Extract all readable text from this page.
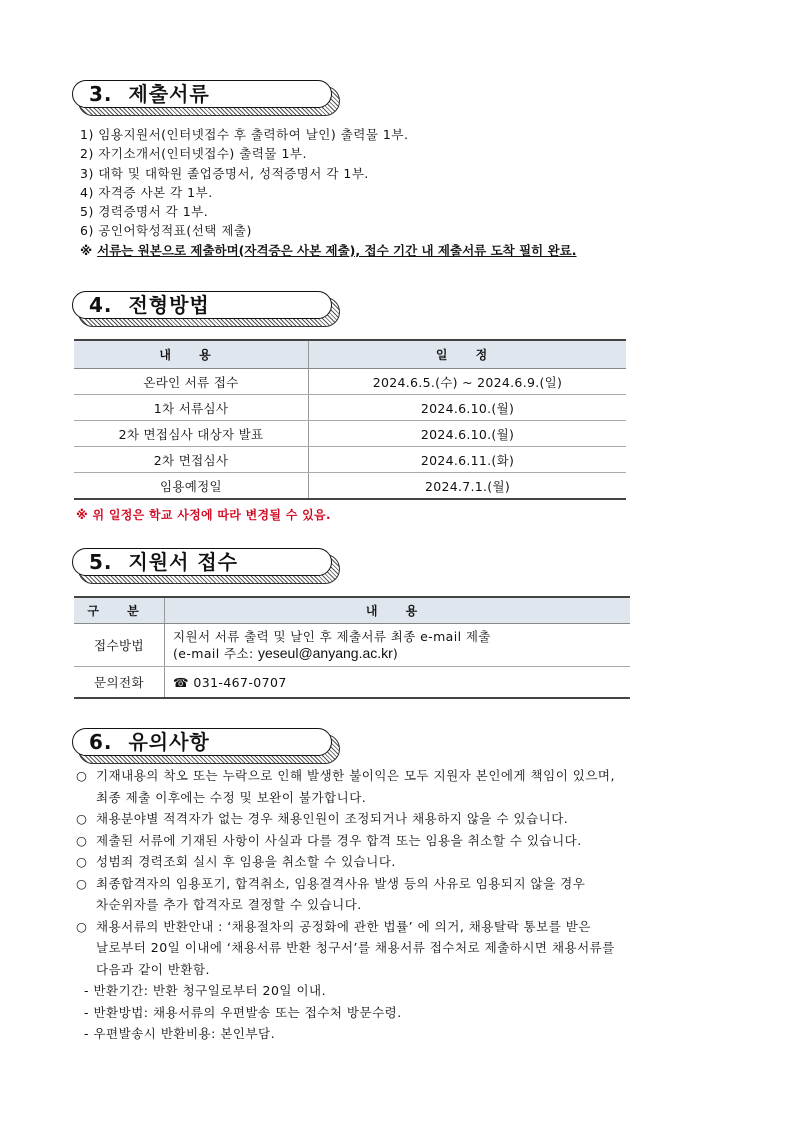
3.  제출서류
1) 임용지원서(인터넷접수 후 출력하여 날인) 출력물 1부.
2) 자기소개서(인터넷접수) 출력물 1부.
3) 대학 및 대학원 졸업증명서, 성적증명서 각 1부.
4) 자격증 사본 각 1부.
5) 경력증명서 각 1부.
6) 공인어학성적표(선택 제출)
※ 서류는 원본으로 제출하며(자격증은 사본 제출), 접수 기간 내 제출서류 도착 필히 완료.
4.  전형방법
내 용	일 정
온라인 서류 접수	2024.6.5.(수) ~ 2024.6.9.(일)
1차 서류심사	2024.6.10.(월)
2차 면접심사 대상자 발표	2024.6.10.(월)
2차 면접심사	2024.6.11.(화)
임용예정일	2024.7.1.(월)
※ 위 일정은 학교 사정에 따라 변경될 수 있음.
5.  지원서 접수
구 분	내 용
접수방법	지원서 서류 출력 및 날인 후 제출서류 최종 e-mail 제출
(e-mail 주소: yeseul@anyang.ac.kr)

문의전화	☎ 031-467-0707
6.  유의사항
○ 기재내용의 착오 또는 누락으로 인해 발생한 불이익은 모두 지원자 본인에게 책임이 있으며,
최종 제출 이후에는 수정 및 보완이 불가합니다.
○ 채용분야별 적격자가 없는 경우 채용인원이 조정되거나 채용하지 않을 수 있습니다.
○ 제출된 서류에 기재된 사항이 사실과 다를 경우 합격 또는 임용을 취소할 수 있습니다.
○ 성범죄 경력조회 실시 후 임용을 취소할 수 있습니다.
○ 최종합격자의 임용포기, 합격취소, 임용결격사유 발생 등의 사유로 임용되지 않을 경우
차순위자를 추가 합격자로 결정할 수 있습니다.
○ 채용서류의 반환안내 : ‘채용절차의 공정화에 관한 법률’ 에 의거, 채용탈락 통보를 받은
날로부터 20일 이내에 ‘채용서류 반환 청구서’를 채용서류 접수처로 제출하시면 채용서류를
다음과 같이 반환함.
- 반환기간: 반환 청구일로부터 20일 이내.
- 반환방법: 채용서류의 우편발송 또는 접수처 방문수령.
- 우편발송시 반환비용: 본인부담.
